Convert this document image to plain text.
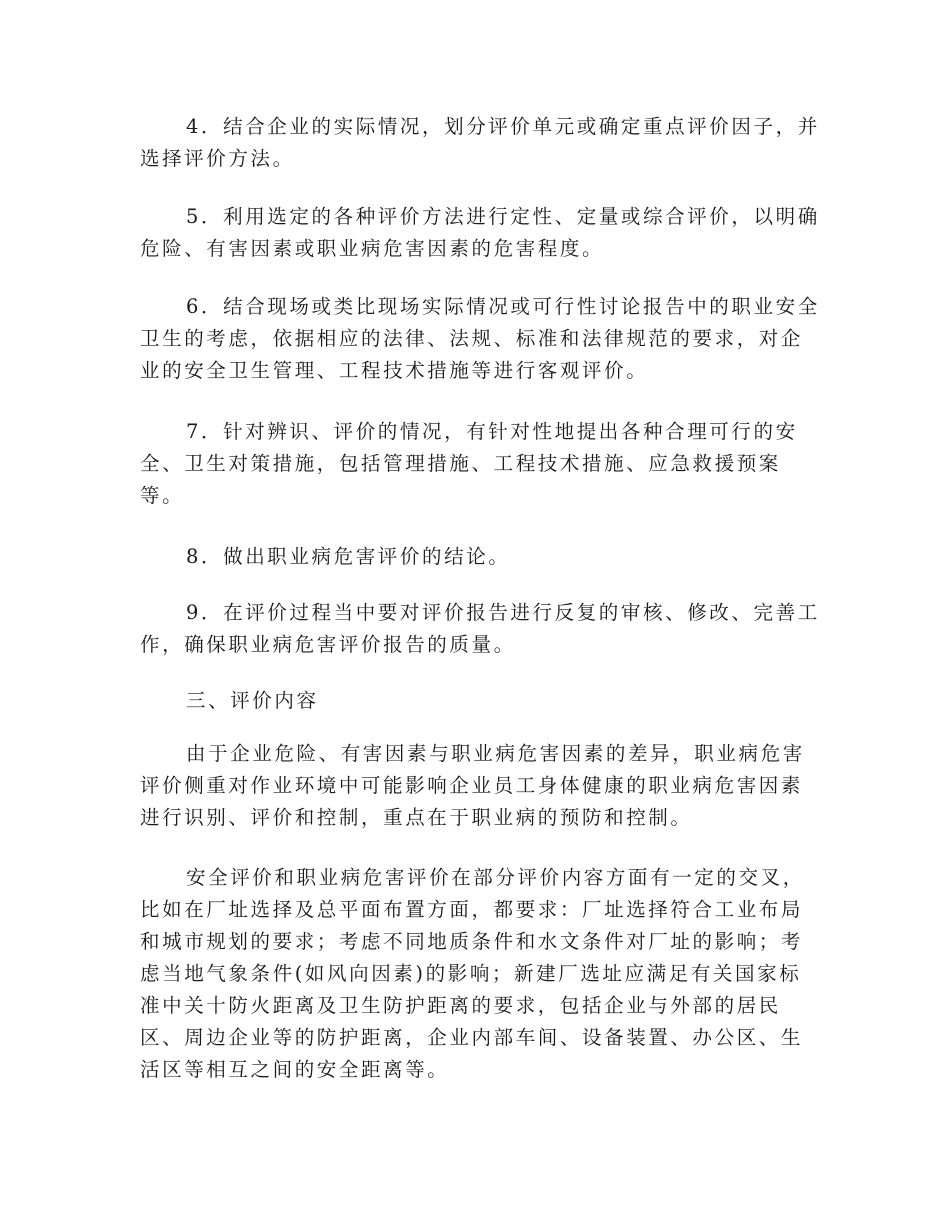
4．结合企业的实际情况，划分评价单元或确定重点评价因子，并
选择评价方法。

5．利用选定的各种评价方法进行定性、定量或综合评价，以明确
危险、有害因素或职业病危害因素的危害程度。

6．结合现场或类比现场实际情况或可行性讨论报告中的职业安全
卫生的考虑，依据相应的法律、法规、标准和法律规范的要求，对企
业的安全卫生管理、工程技术措施等进行客观评价。

7．针对辨识、评价的情况，有针对性地提出各种合理可行的安
全、卫生对策措施，包括管理措施、工程技术措施、应急救援预案
等。

8．做出职业病危害评价的结论。

9．在评价过程当中要对评价报告进行反复的审核、修改、完善工
作，确保职业病危害评价报告的质量。

三、评价内容

由于企业危险、有害因素与职业病危害因素的差异，职业病危害
评价侧重对作业环境中可能影响企业员工身体健康的职业病危害因素
进行识别、评价和控制，重点在于职业病的预防和控制。

安全评价和职业病危害评价在部分评价内容方面有一定的交叉，
比如在厂址选择及总平面布置方面，都要求：厂址选择符合工业布局
和城市规划的要求；考虑不同地质条件和水文条件对厂址的影响；考
虑当地气象条件(如风向因素)的影响；新建厂选址应满足有关国家标
准中关十防火距离及卫生防护距离的要求，包括企业与外部的居民
区、周边企业等的防护距离，企业内部车间、设备装置、办公区、生
活区等相互之间的安全距离等。
